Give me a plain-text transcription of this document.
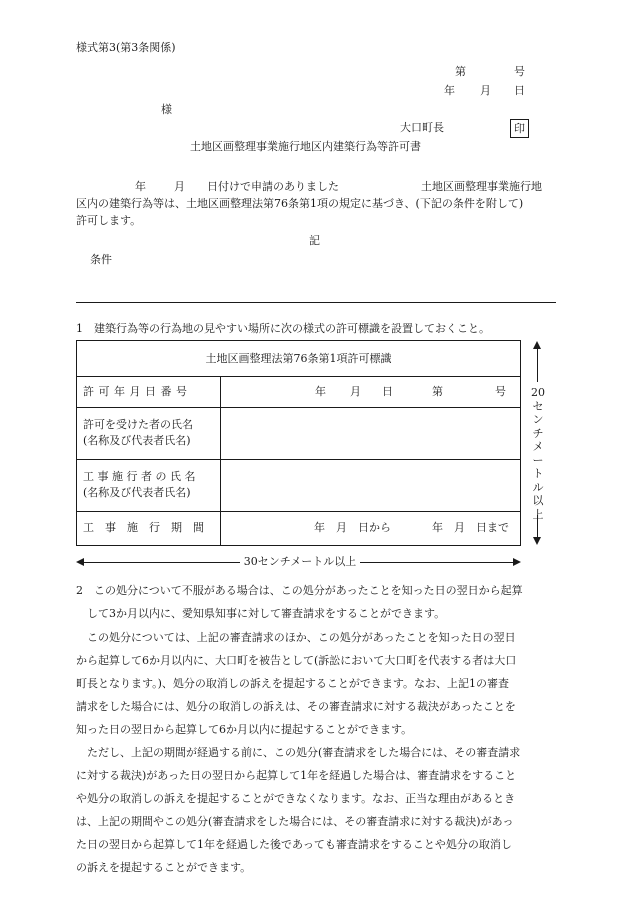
様式第3(第3条関係)
第	号
年 月 日
様
大口町長	印
土地区画整理事業施行地区内建築行為等許可書
年	月 日付けで申請のありました	土地区画整理事業施行地
区内の建築行為等は、土地区画整理法第76条第1項の規定に基づき、(下記の条件を附して)
許可します。
記
条件
1　建築行為等の行為地の見やすい場所に次の様式の許可標識を設置しておくこと。
土地区画整理法第76条第1項許可標識
許 可 年 月 日 番 号	年 月 日	第	号
許可を受けた者の氏名
(名称及び代表者氏名)
工 事 施 行 者 の 氏 名
(名称及び代表者氏名)
工　事　施　行　期　間	年　月　日から	年　月　日まで
20センチメートル以上
30センチメートル以上
2　この処分について不服がある場合は、この処分があったことを知った日の翌日から起算
して3か月以内に、愛知県知事に対して審査請求をすることができます。
この処分については、上記の審査請求のほか、この処分があったことを知った日の翌日
から起算して6か月以内に、大口町を被告として(訴訟において大口町を代表する者は大口
町長となります。)、処分の取消しの訴えを提起することができます。なお、上記1の審査
請求をした場合には、処分の取消しの訴えは、その審査請求に対する裁決があったことを
知った日の翌日から起算して6か月以内に提起することができます。
ただし、上記の期間が経過する前に、この処分(審査請求をした場合には、その審査請求
に対する裁決)があった日の翌日から起算して1年を経過した場合は、審査請求をすること
や処分の取消しの訴えを提起することができなくなります。なお、正当な理由があるとき
は、上記の期間やこの処分(審査請求をした場合には、その審査請求に対する裁決)があっ
た日の翌日から起算して1年を経過した後であっても審査請求をすることや処分の取消し
の訴えを提起することができます。
